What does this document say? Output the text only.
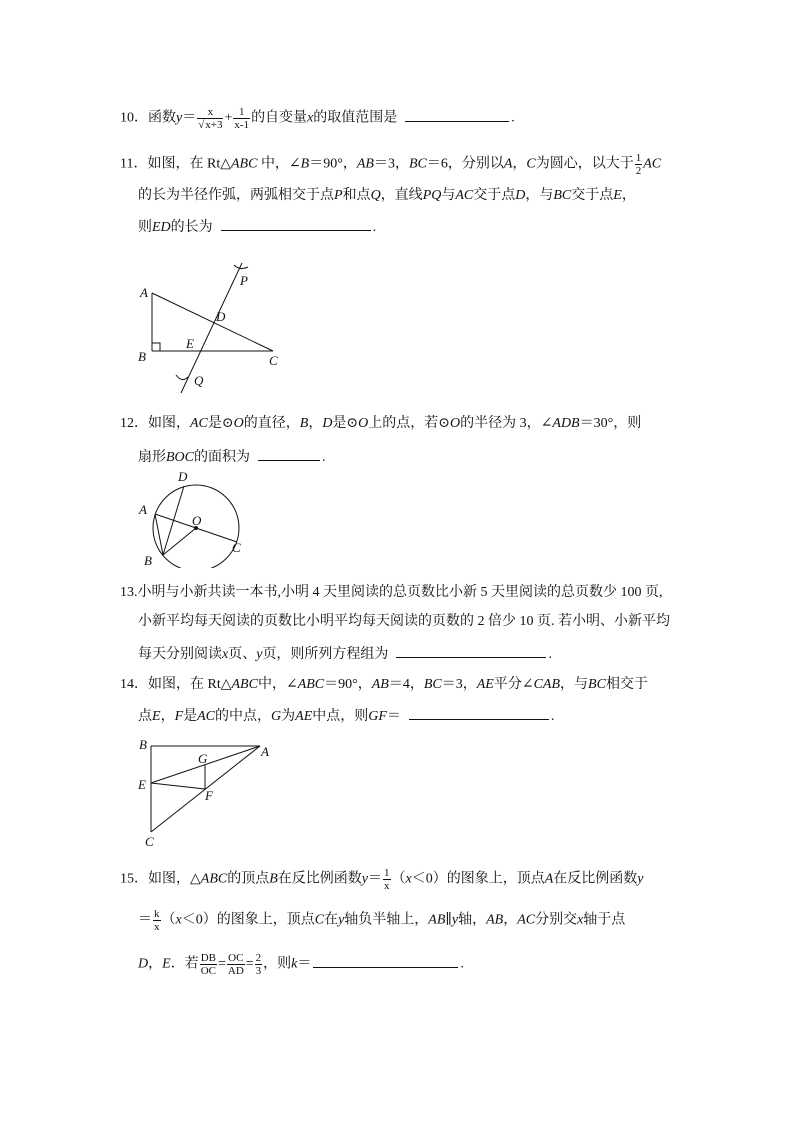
10．函数$y= \frac{x}{√x+3} + \frac{1}{x-1}$ 的自变量x的取值范围是	.
11．如图，在 Rt△ABC 中，∠B＝90°，AB＝3，BC＝6，分别以A，C为圆心，以大于 $\frac{1}{2}$ AC
的长为半径作弧，两弧相交于点P和点Q，直线PQ与AC交于点D，与BC交于点E，
则ED的长为	.
A
B	C
D
E
P
Q
12．如图，AC是⊙O的直径，B，D是⊙O上的点，若⊙O的半径为 3，∠ADB＝30°，则
扇形BOC的面积为	.
A
B
C
D
O
13.小明与小新共读一本书,小明 4 天里阅读的总页数比小新 5 天里阅读的总页数少 100 页,
小新平均每天阅读的页数比小明平均每天阅读的页数的 2 倍少 10 页. 若小明、小新平均
每天分别阅读x页、y页，则所列方程组为	.
14．如图，在 Rt△ABC中，∠ABC＝90°，AB＝4，BC＝3，AE平分∠CAB，与BC相交于
点E，F是AC的中点，G为AE中点，则GF＝	.
B	A
E
C
G
F
15．如图，△ABC的顶点B在反比例函数$y= \frac{1}{x} (x<0)$的图象上，顶点A在反比例函数y
＝ $\frac{k}{x} (x<0)$的图象上，顶点C在y轴负半轴上，AB∥y轴，AB，AC分别交x轴于点
D，E．若 $\frac{DB}{OC} = \frac{OC}{AD} = \frac{2}{3}$ ，则k＝	.
